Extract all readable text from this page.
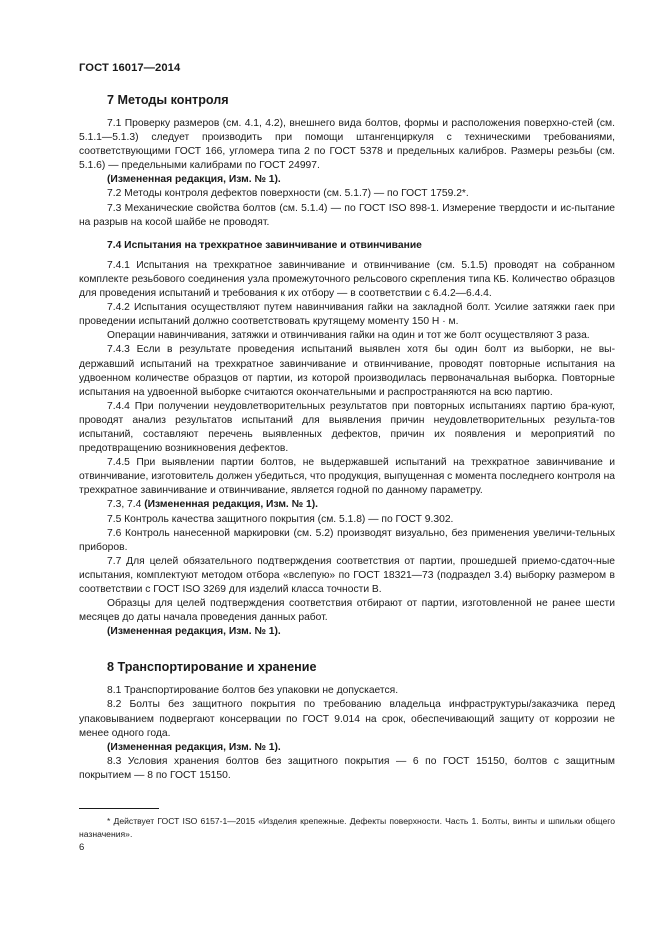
ГОСТ 16017—2014
7 Методы контроля

7.1 Проверку размеров (см. 4.1, 4.2), внешнего вида болтов, формы и расположения поверхно-стей (см. 5.1.1—5.1.3) следует производить при помощи штангенциркуля с техническими требованиями, соответствующими ГОСТ 166, угломера типа 2 по ГОСТ 5378 и предельных калибров. Размеры резьбы (см. 5.1.6) — предельными калибрами по ГОСТ 24997.

(Измененная редакция, Изм. № 1).

7.2 Методы контроля дефектов поверхности (см. 5.1.7) — по ГОСТ 1759.2*.

7.3 Механические свойства болтов (см. 5.1.4) — по ГОСТ ISO 898-1. Измерение твердости и ис-пытание на разрыв на косой шайбе не проводят.

7.4 Испытания на трехкратное завинчивание и отвинчивание

7.4.1 Испытания на трехкратное завинчивание и отвинчивание (см. 5.1.5) проводят на собранном комплекте резьбового соединения узла промежуточного рельсового скрепления типа КБ. Количество образцов для проведения испытаний и требования к их отбору — в соответствии с 6.4.2—6.4.4.

7.4.2 Испытания осуществляют путем навинчивания гайки на закладной болт. Усилие затяжки гаек при проведении испытаний должно соответствовать крутящему моменту 150 Н · м.

Операции навинчивания, затяжки и отвинчивания гайки на один и тот же болт осуществляют 3 раза.

7.4.3 Если в результате проведения испытаний выявлен хотя бы один болт из выборки, не вы-державший испытаний на трехкратное завинчивание и отвинчивание, проводят повторные испытания на удвоенном количестве образцов от партии, из которой производилась первоначальная выборка. Повторные испытания на удвоенной выборке считаются окончательными и распространяются на всю партию.

7.4.4 При получении неудовлетворительных результатов при повторных испытаниях партию бра-куют, проводят анализ результатов испытаний для выявления причин неудовлетворительных результа-тов испытаний, составляют перечень выявленных дефектов, причин их появления и мероприятий по предотвращению возникновения дефектов.

7.4.5 При выявлении партии болтов, не выдержавшей испытаний на трехкратное завинчивание и отвинчивание, изготовитель должен убедиться, что продукция, выпущенная с момента последнего контроля на трехкратное завинчивание и отвинчивание, является годной по данному параметру.

7.3, 7.4 (Измененная редакция, Изм. № 1).

7.5 Контроль качества защитного покрытия (см. 5.1.8) — по ГОСТ 9.302.

7.6 Контроль нанесенной маркировки (см. 5.2) производят визуально, без применения увеличи-тельных приборов.

7.7 Для целей обязательного подтверждения соответствия от партии, прошедшей приемо-сдаточ-ные испытания, комплектуют методом отбора «вслепую» по ГОСТ 18321—73 (подраздел 3.4) выборку размером в соответствии с ГОСТ ISO 3269 для изделий класса точности В.

Образцы для целей подтверждения соответствия отбирают от партии, изготовленной не ранее шести месяцев до даты начала проведения данных работ.

(Измененная редакция, Изм. № 1).

8 Транспортирование и хранение

8.1 Транспортирование болтов без упаковки не допускается.

8.2 Болты без защитного покрытия по требованию владельца инфраструктуры/заказчика перед упаковыванием подвергают консервации по ГОСТ 9.014 на срок, обеспечивающий защиту от коррозии не менее одного года.

(Измененная редакция, Изм. № 1).

8.3 Условия хранения болтов без защитного покрытия — 6 по ГОСТ 15150, болтов с защитным покрытием — 8 по ГОСТ 15150.

* Действует ГОСТ ISO 6157-1—2015 «Изделия крепежные. Дефекты поверхности. Часть 1. Болты, винты и шпильки общего назначения».

6
